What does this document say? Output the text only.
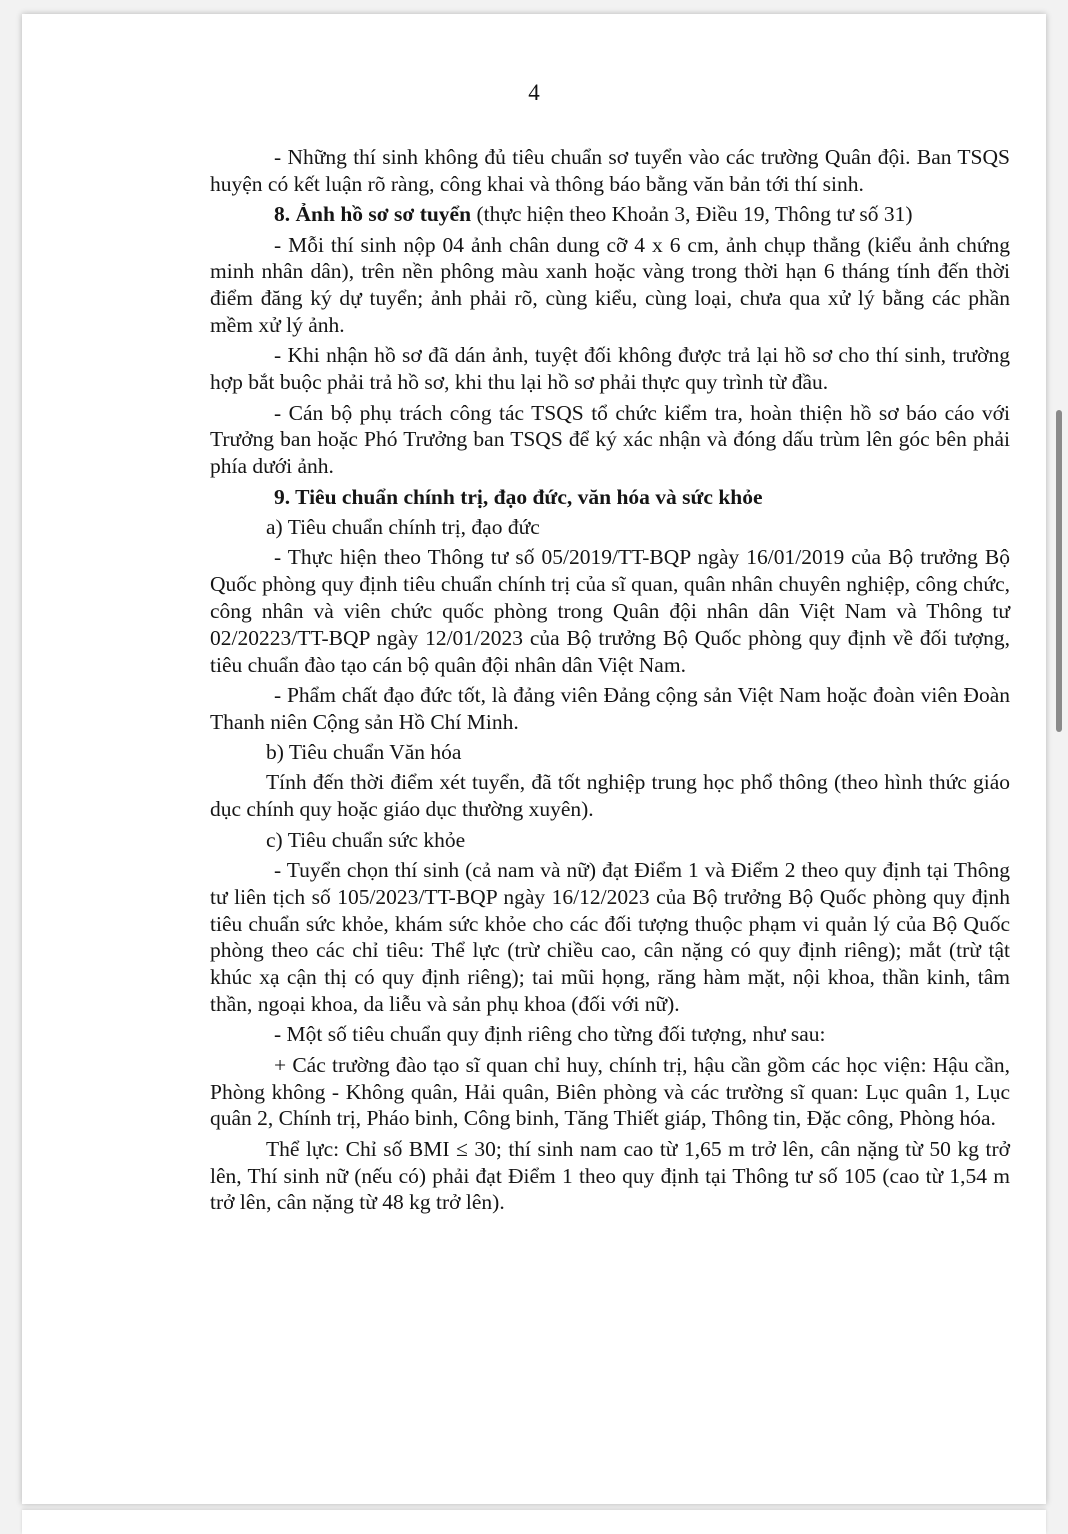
4

- Những thí sinh không đủ tiêu chuẩn sơ tuyển vào các trường Quân đội. Ban TSQS huyện có kết luận rõ ràng, công khai và thông báo bằng văn bản tới thí sinh.

8. Ảnh hồ sơ sơ tuyển (thực hiện theo Khoản 3, Điều 19, Thông tư số 31)

- Mỗi thí sinh nộp 04 ảnh chân dung cỡ 4 x 6 cm, ảnh chụp thẳng (kiểu ảnh chứng minh nhân dân), trên nền phông màu xanh hoặc vàng trong thời hạn 6 tháng tính đến thời điểm đăng ký dự tuyển; ảnh phải rõ, cùng kiểu, cùng loại, chưa qua xử lý bằng các phần mềm xử lý ảnh.

- Khi nhận hồ sơ đã dán ảnh, tuyệt đối không được trả lại hồ sơ cho thí sinh, trường hợp bắt buộc phải trả hồ sơ, khi thu lại hồ sơ phải thực quy trình từ đầu.

- Cán bộ phụ trách công tác TSQS tổ chức kiểm tra, hoàn thiện hồ sơ báo cáo với Trưởng ban hoặc Phó Trưởng ban TSQS để ký xác nhận và đóng dấu trùm lên góc bên phải phía dưới ảnh.

9. Tiêu chuẩn chính trị, đạo đức, văn hóa và sức khỏe

a) Tiêu chuẩn chính trị, đạo đức

- Thực hiện theo Thông tư số 05/2019/TT-BQP ngày 16/01/2019 của Bộ trưởng Bộ Quốc phòng quy định tiêu chuẩn chính trị của sĩ quan, quân nhân chuyên nghiệp, công chức, công nhân và viên chức quốc phòng trong Quân đội nhân dân Việt Nam và Thông tư 02/20223/TT-BQP ngày 12/01/2023 của Bộ trưởng Bộ Quốc phòng quy định về đối tượng, tiêu chuẩn đào tạo cán bộ quân đội nhân dân Việt Nam.

- Phẩm chất đạo đức tốt, là đảng viên Đảng cộng sản Việt Nam hoặc đoàn viên Đoàn Thanh niên Cộng sản Hồ Chí Minh.

b) Tiêu chuẩn Văn hóa

Tính đến thời điểm xét tuyển, đã tốt nghiệp trung học phổ thông (theo hình thức giáo dục chính quy hoặc giáo dục thường xuyên).

c) Tiêu chuẩn sức khỏe

- Tuyển chọn thí sinh (cả nam và nữ) đạt Điểm 1 và Điểm 2 theo quy định tại Thông tư liên tịch số 105/2023/TT-BQP ngày 16/12/2023 của Bộ trưởng Bộ Quốc phòng quy định tiêu chuẩn sức khỏe, khám sức khỏe cho các đối tượng thuộc phạm vi quản lý của Bộ Quốc phòng theo các chỉ tiêu: Thể lực (trừ chiều cao, cân nặng có quy định riêng); mắt (trừ tật khúc xạ cận thị có quy định riêng); tai mũi họng, răng hàm mặt, nội khoa, thần kinh, tâm thần, ngoại khoa, da liễu và sản phụ khoa (đối với nữ).

- Một số tiêu chuẩn quy định riêng cho từng đối tượng, như sau:

+ Các trường đào tạo sĩ quan chỉ huy, chính trị, hậu cần gồm các học viện: Hậu cần, Phòng không - Không quân, Hải quân, Biên phòng và các trường sĩ quan: Lục quân 1, Lục quân 2, Chính trị, Pháo binh, Công binh, Tăng Thiết giáp, Thông tin, Đặc công, Phòng hóa.

Thể lực: Chỉ số BMI ≤ 30; thí sinh nam cao từ 1,65 m trở lên, cân nặng từ 50 kg trở lên, Thí sinh nữ (nếu có) phải đạt Điểm 1 theo quy định tại Thông tư số 105 (cao từ 1,54 m trở lên, cân nặng từ 48 kg trở lên).
